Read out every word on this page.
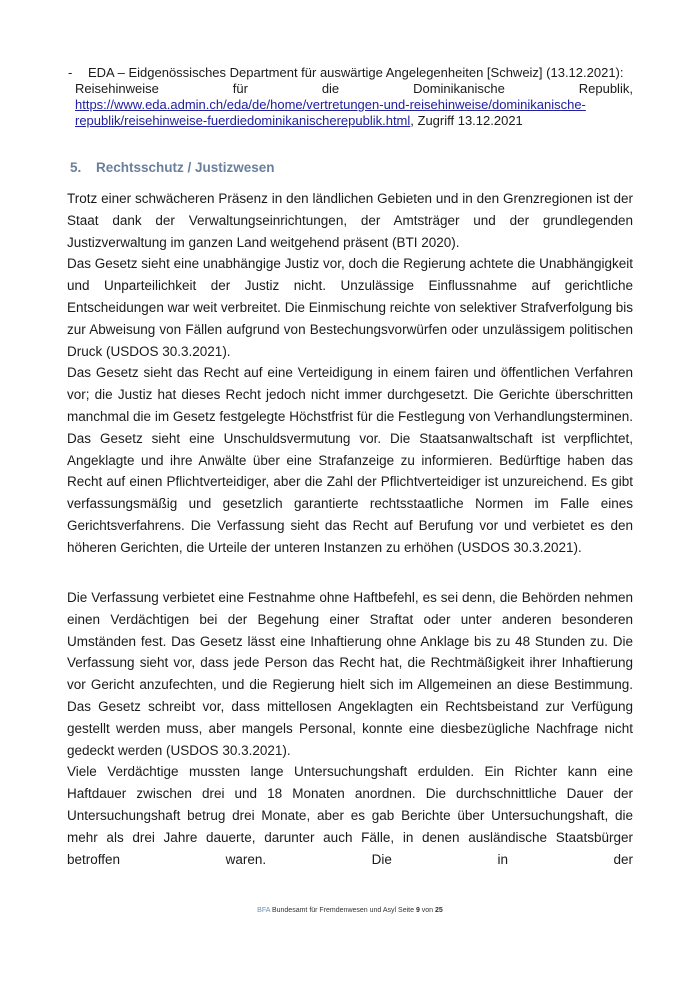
-	EDA – Eidgenössisches Department für auswärtige Angelegenheiten [Schweiz] (13.12.2021):
Reisehinweise	für	die	Dominikanische	Republik,
https://www.eda.admin.ch/eda/de/home/vertretungen-und-reisehinweise/dominikanische-
republik/reisehinweise-fuerdiedominikanischerepublik.html, Zugriff 13.12.2021
5.	Rechtsschutz / Justizwesen

Trotz einer schwächeren Präsenz in den ländlichen Gebieten und in den Grenzregionen ist der Staat dank der Verwaltungseinrichtungen, der Amtsträger und der grundlegenden Justizverwaltung im ganzen Land weitgehend präsent (BTI 2020).

Das Gesetz sieht eine unabhängige Justiz vor, doch die Regierung achtete die Unabhängigkeit und Unparteilichkeit der Justiz nicht. Unzulässige Einflussnahme auf gerichtliche Entscheidungen war weit verbreitet. Die Einmischung reichte von selektiver Strafverfolgung bis zur Abweisung von Fällen aufgrund von Bestechungsvorwürfen oder unzulässigem politischen Druck (USDOS 30.3.2021).

Das Gesetz sieht das Recht auf eine Verteidigung in einem fairen und öffentlichen Verfahren vor; die Justiz hat dieses Recht jedoch nicht immer durchgesetzt. Die Gerichte überschritten manchmal die im Gesetz festgelegte Höchstfrist für die Festlegung von Verhandlungsterminen. Das Gesetz sieht eine Unschuldsvermutung vor. Die Staatsanwaltschaft ist verpflichtet, Angeklagte und ihre Anwälte über eine Strafanzeige zu informieren. Bedürftige haben das Recht auf einen Pflichtverteidiger, aber die Zahl der Pflichtverteidiger ist unzureichend. Es gibt verfassungsmäßig und gesetzlich garantierte rechtsstaatliche Normen im Falle eines Gerichtsverfahrens. Die Verfassung sieht das Recht auf Berufung vor und verbietet es den höheren Gerichten, die Urteile der unteren Instanzen zu erhöhen (USDOS 30.3.2021).

Die Verfassung verbietet eine Festnahme ohne Haftbefehl, es sei denn, die Behörden nehmen einen Verdächtigen bei der Begehung einer Straftat oder unter anderen besonderen Umständen fest. Das Gesetz lässt eine Inhaftierung ohne Anklage bis zu 48 Stunden zu. Die Verfassung sieht vor, dass jede Person das Recht hat, die Rechtmäßigkeit ihrer Inhaftierung vor Gericht anzufechten, und die Regierung hielt sich im Allgemeinen an diese Bestimmung. Das Gesetz schreibt vor, dass mittellosen Angeklagten ein Rechtsbeistand zur Verfügung gestellt werden muss, aber mangels Personal, konnte eine diesbezügliche Nachfrage nicht gedeckt werden (USDOS 30.3.2021).

Viele Verdächtige mussten lange Untersuchungshaft erdulden. Ein Richter kann eine Haftdauer zwischen drei und 18 Monaten anordnen. Die durchschnittliche Dauer der Untersuchungshaft betrug drei Monate, aber es gab Berichte über Untersuchungshaft, die mehr als drei Jahre dauerte, darunter auch Fälle, in denen ausländische Staatsbürger betroffen waren. Die in der

BFA Bundesamt für Fremdenwesen und Asyl Seite 9 von 25
